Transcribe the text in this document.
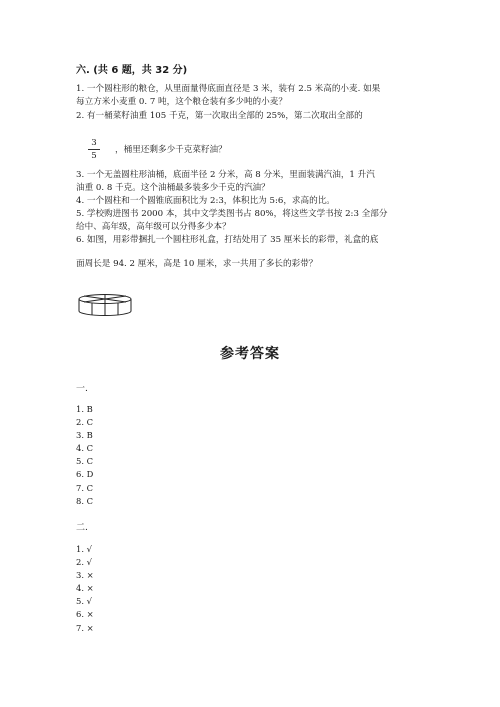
六. (共 6 题，共 32 分)
1. 一个圆柱形的粮仓，从里面量得底面直径是 3 米，装有 2.5 米高的小麦. 如果
每立方米小麦重 0. 7 吨，这个粮仓装有多少吨的小麦？
2. 有一桶菜籽油重 105 千克，第一次取出全部的 25%，第二次取出全部的
3
5
，桶里还剩多少千克菜籽油？
3. 一个无盖圆柱形油桶，底面半径 2 分米，高 8 分米，里面装满汽油，1 升汽
油重 0. 8 千克。这个油桶最多装多少千克的汽油？
4. 一个圆柱和一个圆锥底面积比为 2:3，体积比为 5:6，求高的比。
5. 学校购进图书 2000 本，其中文学类图书占 80%，将这些文学书按 2:3 全部分
给中、高年级，高年级可以分得多少本？
6. 如图，用彩带捆扎一个圆柱形礼盒，打结处用了 35 厘米长的彩带，礼盒的底
面周长是 94. 2 厘米，高是 10 厘米，求一共用了多长的彩带？
参考答案
一.
1. B
2. C
3. B
4. C
5. C
6. D
7. C
8. C
二.
1. √
2. √
3. ×
4. ×
5. √
6. ×
7. ×
